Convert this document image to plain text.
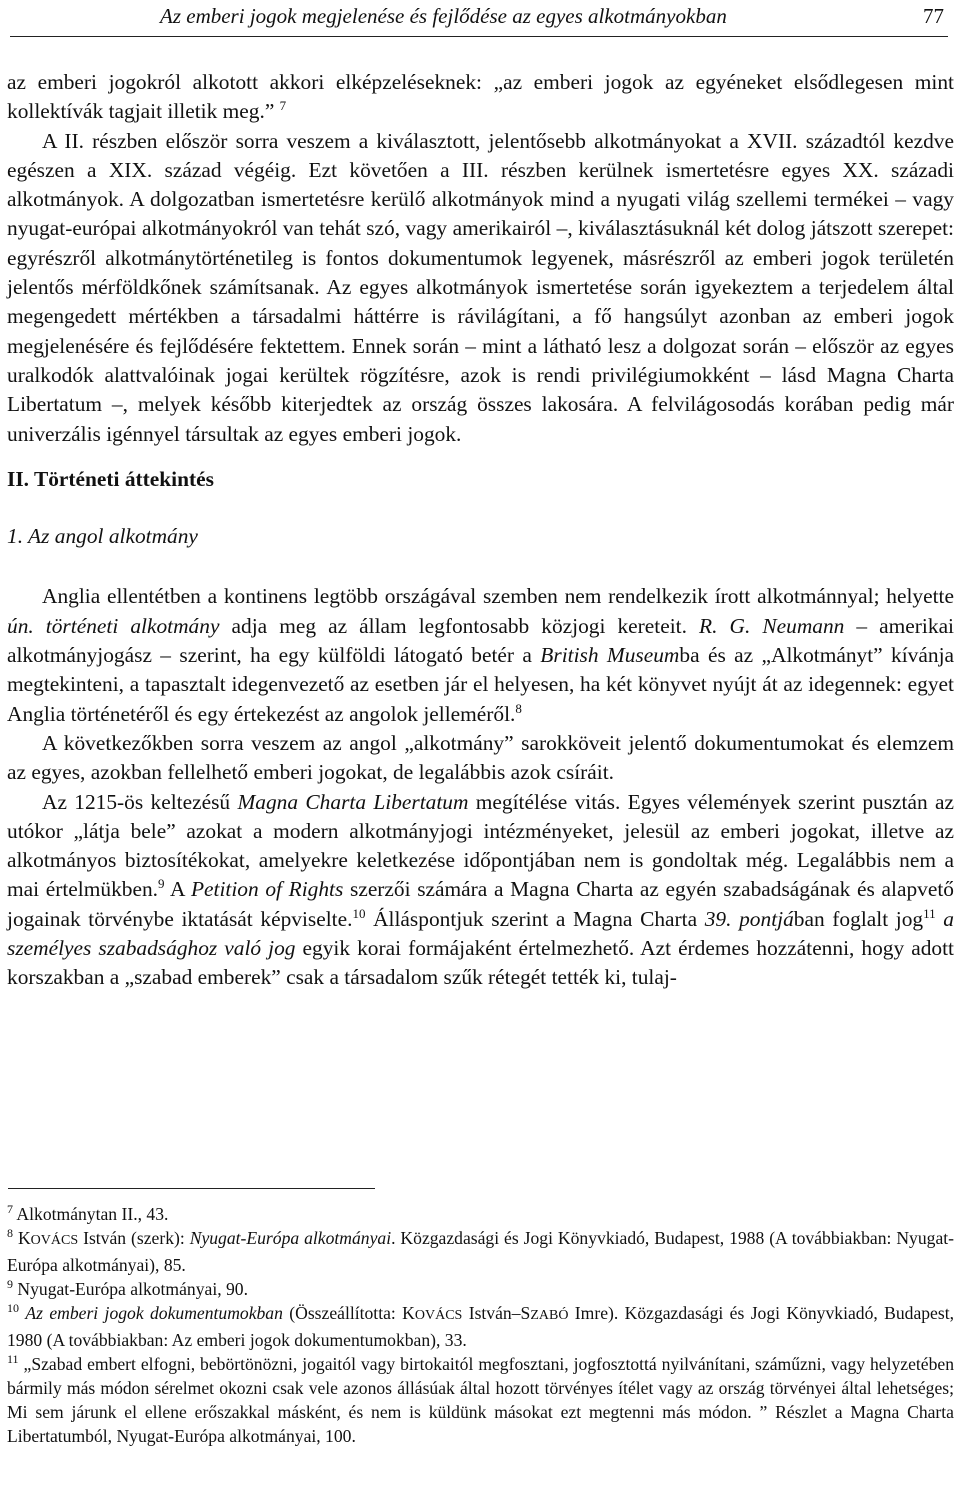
Az emberi jogok megjelenése és fejlődése az egyes alkotmányokban	77

az emberi jogokról alkotott akkori elképzeléseknek: „az emberi jogok az egyéneket elsődlegesen mint kollektívák tagjait illetik meg.” $^7$

A II. részben először sorra veszem a kiválasztott, jelentősebb alkotmányokat a XVII. századtól kezdve egészen a XIX. század végéig. Ezt követően a III. részben kerülnek ismertetésre egyes XX. századi alkotmányok. A dolgozatban ismertetésre kerülő alkotmányok mind a nyugati világ szellemi termékei – vagy nyugat-európai alkotmányokról van tehát szó, vagy amerikairól –, kiválasztásuknál két dolog játszott szerepet: egyrészről alkotmánytörténetileg is fontos dokumentumok legyenek, másrészről az emberi jogok területén jelentős mérföldkőnek számítsanak. Az egyes alkotmányok ismertetése során igyekeztem a terjedelem által megengedett mértékben a társadalmi háttérre is rávilágítani, a fő hangsúlyt azonban az emberi jogok megjelenésére és fejlődésére fektettem. Ennek során – mint a látható lesz a dolgozat során – először az egyes uralkodók alattvalóinak jogai kerültek rögzítésre, azok is rendi privilégiumokként – lásd Magna Charta Libertatum –, melyek később kiterjedtek az ország összes lakosára. A felvilágosodás korában pedig már univerzális igénnyel társultak az egyes emberi jogok.

II. Történeti áttekintés

1. Az angol alkotmány

Anglia ellentétben a kontinens legtöbb országával szemben nem rendelkezik írott alkotmánnyal; helyette ún. történeti alkotmány adja meg az állam legfontosabb közjogi kereteit. R. G. Neumann – amerikai alkotmányjogász – szerint, ha egy külföldi látogató betér a British Museumba és az „Alkotmányt” kívánja megtekinteni, a tapasztalt idegenvezető az esetben jár el helyesen, ha két könyvet nyújt át az idegennek: egyet Anglia történetéről és egy értekezést az angolok jelleméről.$^8$

A következőkben sorra veszem az angol „alkotmány” sarokköveit jelentő dokumentumokat és elemzem az egyes, azokban fellelhető emberi jogokat, de legalábbis azok csíráit.

Az 1215-ös keltezésű Magna Charta Libertatum megítélése vitás. Egyes vélemények szerint pusztán az utókor „látja bele” azokat a modern alkotmányjogi intézményeket, jelesül az emberi jogokat, illetve az alkotmányos biztosítékokat, amelyekre keletkezése időpontjában nem is gondoltak még. Legalábbis nem a mai értelmükben.$^9$ A Petition of Rights szerzői számára a Magna Charta az egyén szabadságának és alapvető jogainak törvénybe iktatását képviselte.$^{10}$ Álláspontjuk szerint a Magna Charta 39. pontjában foglalt jog$^{11}$ a személyes szabadsághoz való jog egyik korai formájaként értelmezhető. Azt érdemes hozzátenni, hogy adott korszakban a „szabad emberek” csak a társadalom szűk rétegét tették ki, tulaj-

$^7$ Alkotmánytan II., 43.

$^8$ KOVÁCS István (szerk): Nyugat-Európa alkotmányai. Közgazdasági és Jogi Könyvkiadó, Budapest, 1988 (A továbbiakban: Nyugat-Európa alkotmányai), 85.

$^9$ Nyugat-Európa alkotmányai, 90.

$^{10}$ Az emberi jogok dokumentumokban (Összeállította: KOVÁCS István–SZABÓ Imre). Közgazdasági és Jogi Könyvkiadó, Budapest, 1980 (A továbbiakban: Az emberi jogok dokumentumokban), 33.

$^{11}$ „Szabad embert elfogni, bebörtönözni, jogaitól vagy birtokaitól megfosztani, jogfosztottá nyilvánítani, száműzni, vagy helyzetében bármily más módon sérelmet okozni csak vele azonos állásúak által hozott törvényes ítélet vagy az ország törvényei által lehetséges; Mi sem járunk el ellene erőszakkal másként, és nem is küldünk másokat ezt megtenni más módon. ” Részlet a Magna Charta Libertatumból, Nyugat-Európa alkotmányai, 100.
